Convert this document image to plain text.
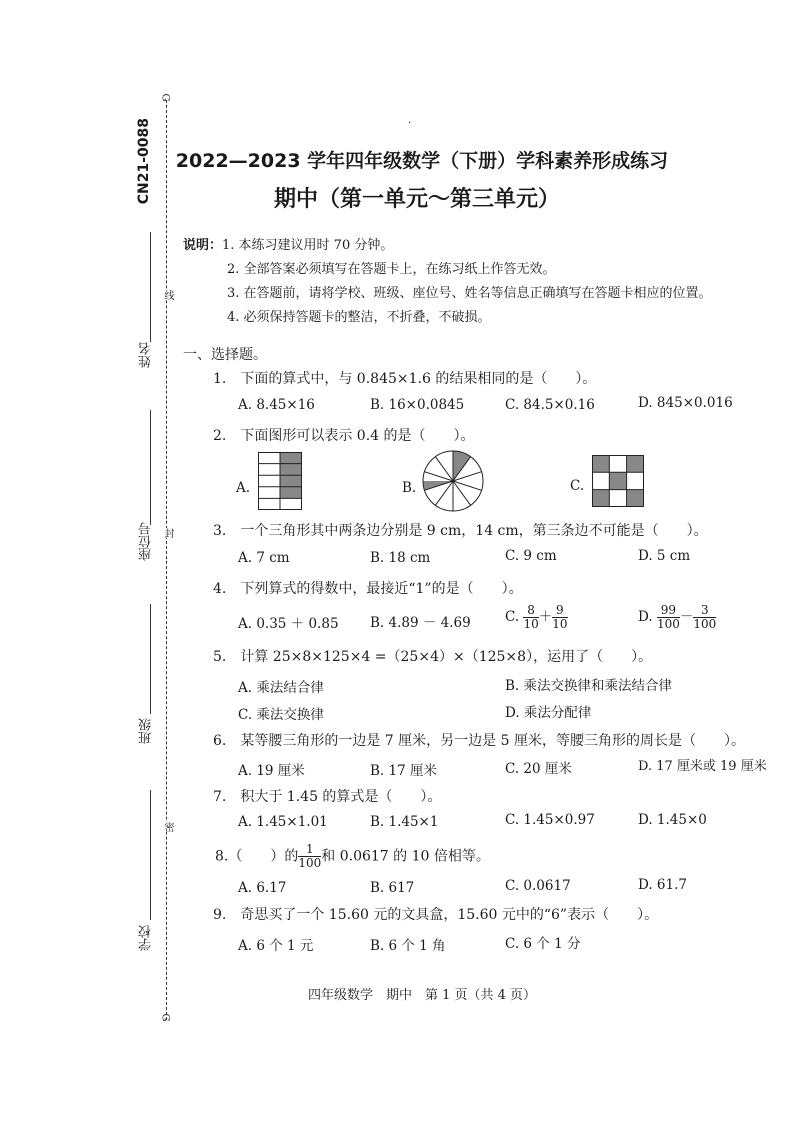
CN21-0088
G
G
姓名
座位号
班级
学校
线
封
密
·
2022—2023 学年四年级数学（下册）学科素养形成练习
期中（第一单元～第三单元）
说明：1. 本练习建议用时 70 分钟。
2. 全部答案必须填写在答题卡上，在练习纸上作答无效。
3. 在答题前，请将学校、班级、座位号、姓名等信息正确填写在答题卡相应的位置。
4. 必须保持答题卡的整洁，不折叠，不破损。
一、选择题。
1.　下面的算式中，与 0.845×1.6 的结果相同的是（　　）。
A. 8.45×16	B. 16×0.0845	C. 84.5×0.16	D. 845×0.016
2.　下面图形可以表示 0.4 的是（　　）。
A.	B.	C.
3.　一个三角形其中两条边分别是 9 cm，14 cm，第三条边不可能是（　　）。
A. 7 cm	B. 18 cm	C. 9 cm	D. 5 cm
4.　下列算式的得数中，最接近“1”的是（　　）。
A. 0.35 ＋ 0.85 B. 4.89 － 4.69	C. $\frac{8}{10} + \frac{9}{10}$	D. $\frac{99}{100} - \frac{3}{100}$
5.　计算 25×8×125×4 =（25×4）×（125×8），运用了（　　）。
A. 乘法结合律	B. 乘法交换律和乘法结合律
C. 乘法交换律	D. 乘法分配律
6.　某等腰三角形的一边是 7 厘米，另一边是 5 厘米，等腰三角形的周长是（　　）。
A. 19 厘米	B. 17 厘米	C. 20 厘米	D. 17 厘米或 19 厘米
7.　积大于 1.45 的算式是（　　）。
A. 1.45×1.01	B. 1.45×1	C. 1.45×0.97	D. 1.45×0
8.（　　）的 $\frac{1}{100}$ 和 0.0617 的 10 倍相等。
A. 6.17	B. 617	C. 0.0617	D. 61.7
9.　奇思买了一个 15.60 元的文具盒，15.60 元中的“6”表示（　　）。
A. 6 个 1 元	B. 6 个 1 角	C. 6 个 1 分
四年级数学　期中　第 1 页（共 4 页）
